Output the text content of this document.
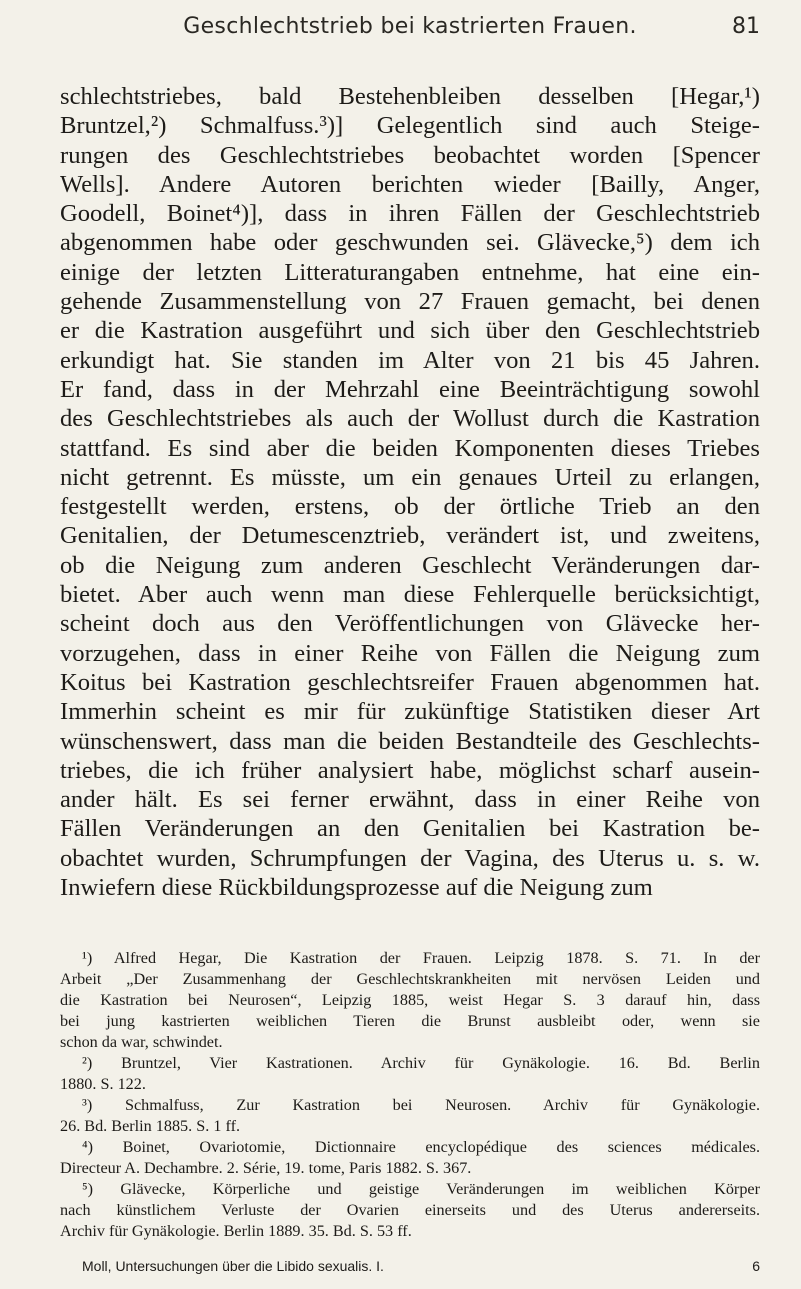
Geschlechtstrieb bei kastrierten Frauen.	81
schlechtstriebes, bald Bestehenbleiben desselben [Hegar,¹)
Bruntzel,²) Schmalfuss.³)] Gelegentlich sind auch Steige-
rungen des Geschlechtstriebes beobachtet worden [Spencer
Wells]. Andere Autoren berichten wieder [Bailly, Anger,
Goodell, Boinet⁴)], dass in ihren Fällen der Geschlechtstrieb
abgenommen habe oder geschwunden sei. Glävecke,⁵) dem ich
einige der letzten Litteraturangaben entnehme, hat eine ein-
gehende Zusammenstellung von 27 Frauen gemacht, bei denen
er die Kastration ausgeführt und sich über den Geschlechtstrieb
erkundigt hat. Sie standen im Alter von 21 bis 45 Jahren.
Er fand, dass in der Mehrzahl eine Beeinträchtigung sowohl
des Geschlechtstriebes als auch der Wollust durch die Kastration
stattfand. Es sind aber die beiden Komponenten dieses Triebes
nicht getrennt. Es müsste, um ein genaues Urteil zu erlangen,
festgestellt werden, erstens, ob der örtliche Trieb an den
Genitalien, der Detumescenztrieb, verändert ist, und zweitens,
ob die Neigung zum anderen Geschlecht Veränderungen dar-
bietet. Aber auch wenn man diese Fehlerquelle berücksichtigt,
scheint doch aus den Veröffentlichungen von Glävecke her-
vorzugehen, dass in einer Reihe von Fällen die Neigung zum
Koitus bei Kastration geschlechtsreifer Frauen abgenommen hat.
Immerhin scheint es mir für zukünftige Statistiken dieser Art
wünschenswert, dass man die beiden Bestandteile des Geschlechts-
triebes, die ich früher analysiert habe, möglichst scharf ausein-
ander hält. Es sei ferner erwähnt, dass in einer Reihe von
Fällen Veränderungen an den Genitalien bei Kastration be-
obachtet wurden, Schrumpfungen der Vagina, des Uterus u. s. w.
Inwiefern diese Rückbildungsprozesse auf die Neigung zum
¹) Alfred Hegar, Die Kastration der Frauen. Leipzig 1878. S. 71. In der
Arbeit „Der Zusammenhang der Geschlechtskrankheiten mit nervösen Leiden und
die Kastration bei Neurosen“, Leipzig 1885, weist Hegar S. 3 darauf hin, dass
bei jung kastrierten weiblichen Tieren die Brunst ausbleibt oder, wenn sie
schon da war, schwindet.
²) Bruntzel, Vier Kastrationen. Archiv für Gynäkologie. 16. Bd. Berlin
1880. S. 122.
³) Schmalfuss, Zur Kastration bei Neurosen. Archiv für Gynäkologie.
26. Bd. Berlin 1885. S. 1 ff.
⁴) Boinet, Ovariotomie, Dictionnaire encyclopédique des sciences médicales.
Directeur A. Dechambre. 2. Série, 19. tome, Paris 1882. S. 367.
⁵) Glävecke, Körperliche und geistige Veränderungen im weiblichen Körper
nach künstlichem Verluste der Ovarien einerseits und des Uterus andererseits.
Archiv für Gynäkologie. Berlin 1889. 35. Bd. S. 53 ff.
Moll, Untersuchungen über die Libido sexualis. I.	6
